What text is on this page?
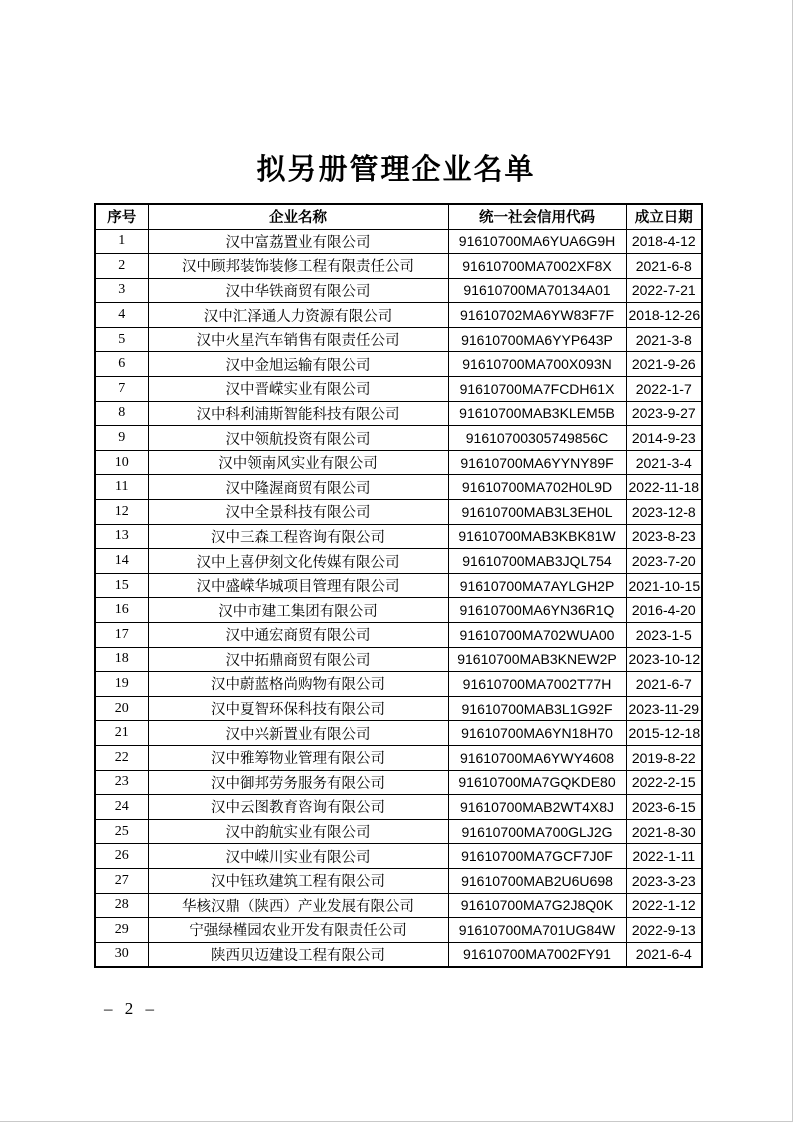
拟另册管理企业名单
序号	企业名称	统一社会信用代码	成立日期
1	汉中富荔置业有限公司	91610700MA6YUA6G9H	2018-4-12
2	汉中顾邦装饰装修工程有限责任公司	91610700MA7002XF8X	2021-6-8
3	汉中华铁商贸有限公司	91610700MA70134A01	2022-7-21
4	汉中汇泽通人力资源有限公司	91610702MA6YW83F7F	2018-12-26
5	汉中火星汽车销售有限责任公司	91610700MA6YYP643P	2021-3-8
6	汉中金旭运输有限公司	91610700MA700X093N	2021-9-26
7	汉中晋嵘实业有限公司	91610700MA7FCDH61X	2022-1-7
8	汉中科利浦斯智能科技有限公司	91610700MAB3KLEM5B	2023-9-27
9	汉中领航投资有限公司	91610700305749856C	2014-9-23
10	汉中领南风实业有限公司	91610700MA6YYNY89F	2021-3-4
11	汉中隆渥商贸有限公司	91610700MA702H0L9D	2022-11-18
12	汉中全景科技有限公司	91610700MAB3L3EH0L	2023-12-8
13	汉中三森工程咨询有限公司	91610700MAB3KBK81W	2023-8-23
14	汉中上喜伊刻文化传媒有限公司	91610700MAB3JQL754	2023-7-20
15	汉中盛嵘华城项目管理有限公司	91610700MA7AYLGH2P	2021-10-15
16	汉中市建工集团有限公司	91610700MA6YN36R1Q	2016-4-20
17	汉中通宏商贸有限公司	91610700MA702WUA00	2023-1-5
18	汉中拓鼎商贸有限公司	91610700MAB3KNEW2P	2023-10-12
19	汉中蔚蓝格尚购物有限公司	91610700MA7002T77H	2021-6-7
20	汉中夏智环保科技有限公司	91610700MAB3L1G92F	2023-11-29
21	汉中兴新置业有限公司	91610700MA6YN18H70	2015-12-18
22	汉中雅筹物业管理有限公司	91610700MA6YWY4608	2019-8-22
23	汉中御邦劳务服务有限公司	91610700MA7GQKDE80	2022-2-15
24	汉中云图教育咨询有限公司	91610700MAB2WT4X8J	2023-6-15
25	汉中韵航实业有限公司	91610700MA700GLJ2G	2021-8-30
26	汉中嵘川实业有限公司	91610700MA7GCF7J0F	2022-1-11
27	汉中钰玖建筑工程有限公司	91610700MAB2U6U698	2023-3-23
28	华核汉鼎（陕西）产业发展有限公司	91610700MA7G2J8Q0K	2022-1-12
29	宁强绿槿园农业开发有限责任公司	91610700MA701UG84W	2022-9-13
30	陕西贝迈建设工程有限公司	91610700MA7002FY91	2021-6-4
– 2 –
